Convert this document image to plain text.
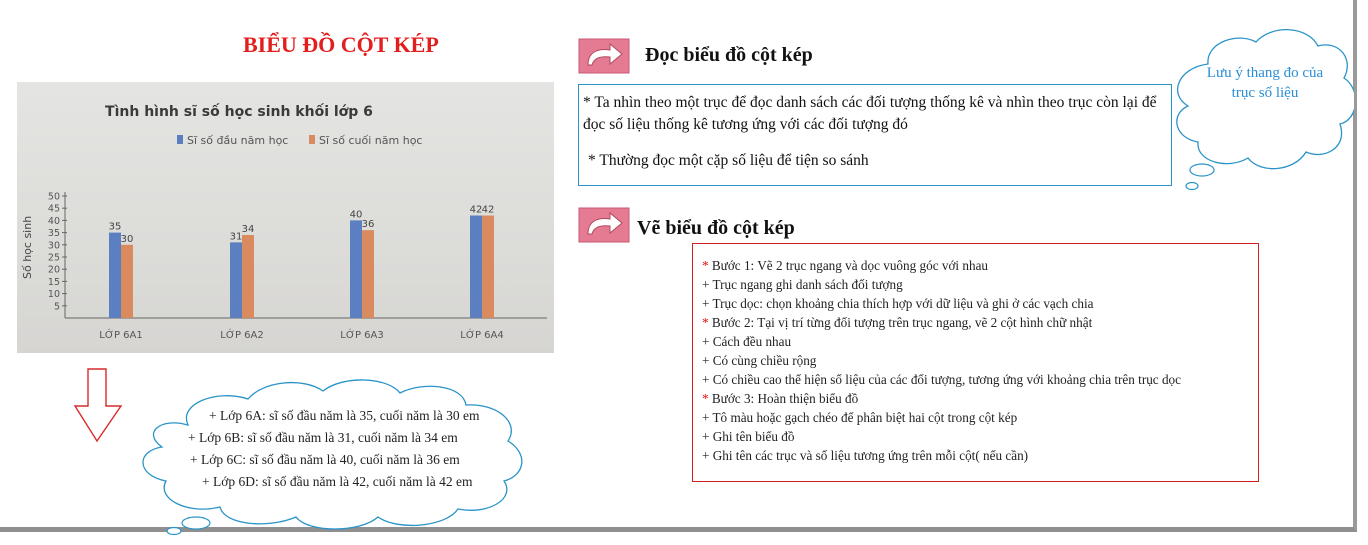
BIỂU ĐỒ CỘT KÉP
Tình hình sĩ số học sinh khối lớp 6
Sĩ số đầu năm học	Sĩ số cuối năm học
Số học sinh
5
10
15
20
25
30
35
40
45
50
35
30	31
34
40
36
42 42
LỚP 6A1	LỚP 6A2	LỚP 6A3	LỚP 6A4
+ Lớp 6A: sĩ số đầu năm là 35, cuối năm là 30 em
+ Lớp 6B: sĩ số đầu năm là 31, cuối năm là 34 em
+ Lớp 6C: sĩ số đầu năm là 40, cuối năm là 36 em
+ Lớp 6D: sĩ số đầu năm là 42, cuối năm là 42 em
Đọc biểu đồ cột kép

* Ta nhìn theo một trục để đọc danh sách các đối tượng thống kê và nhìn theo trục còn lại để đọc số liệu thống kê tương ứng với các đối tượng đó

* Thường đọc một cặp số liệu để tiện so sánh

Lưu ý thang đo của trục số liệu
Vẽ biểu đồ cột kép
* Bước 1: Vẽ 2 trục ngang và dọc vuông góc với nhau
+ Trục ngang ghi danh sách đối tượng
+ Trục dọc: chọn khoảng chia thích hợp với dữ liệu và ghi ở các vạch chia
* Bước 2: Tại vị trí từng đối tượng trên trục ngang, vẽ 2 cột hình chữ nhật
+ Cách đều nhau
+ Có cùng chiều rộng
+ Có chiều cao thể hiện số liệu của các đối tượng, tương ứng với khoảng chia trên trục dọc
* Bước 3: Hoàn thiện biểu đồ
+ Tô màu hoặc gạch chéo để phân biệt hai cột trong cột kép
+ Ghi tên biểu đồ
+ Ghi tên các trục và số liệu tương ứng trên mỗi cột( nếu cần)
